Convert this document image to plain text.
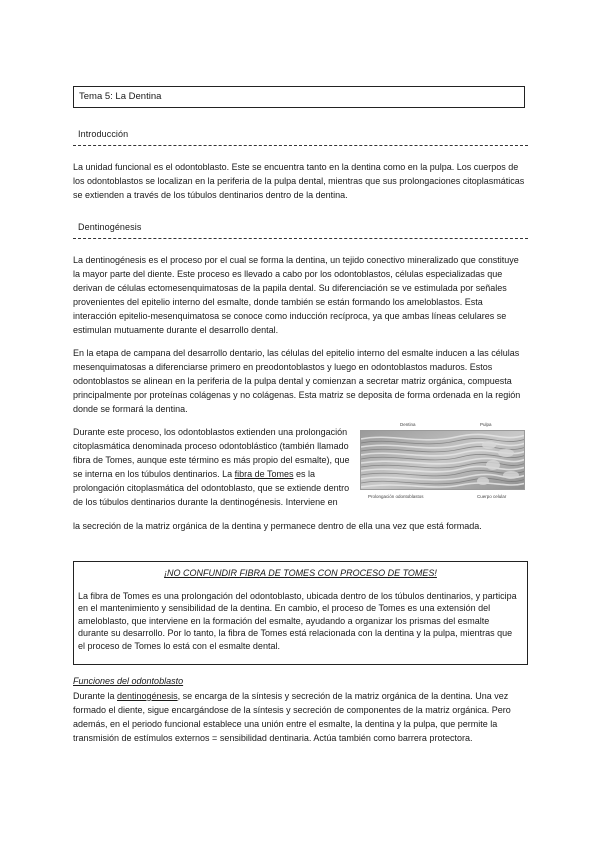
Tema 5: La Dentina
Introducción

La unidad funcional es el odontoblasto. Este se encuentra tanto en la dentina como en la pulpa. Los cuerpos de los odontoblastos se localizan en la periferia de la pulpa dental, mientras que sus prolongaciones citoplasmáticas se extienden a través de los túbulos dentinarios dentro de la dentina.

Dentinogénesis

La dentinogénesis es el proceso por el cual se forma la dentina, un tejido conectivo mineralizado que constituye la mayor parte del diente. Este proceso es llevado a cabo por los odontoblastos, células especializadas que derivan de células ectomesenquimatosas de la papila dental. Su diferenciación se ve estimulada por señales provenientes del epitelio interno del esmalte, donde también se están formando los ameloblastos. Esta interacción epitelio-mesenquimatosa se conoce como inducción recíproca, ya que ambas líneas celulares se estimulan mutuamente durante el desarrollo dental.

En la etapa de campana del desarrollo dentario, las células del epitelio interno del esmalte inducen a las células mesenquimatosas a diferenciarse primero en preodontoblastos y luego en odontoblastos maduros. Estos odontoblastos se alinean en la periferia de la pulpa dental y comienzan a secretar matriz orgánica, compuesta principalmente por proteínas colágenas y no colágenas. Esta matriz se deposita de forma ordenada en la región donde se formará la dentina.

Durante este proceso, los odontoblastos extienden una prolongación citoplasmática denominada proceso odontoblástico (también llamado fibra de Tomes, aunque este término es más propio del esmalte), que se interna en los túbulos dentinarios. La fibra de Tomes es la prolongación citoplasmática del odontoblasto, que se extiende dentro de los túbulos dentinarios durante la dentinogénesis. Interviene en

la secreción de la matriz orgánica de la dentina y permanece dentro de ella una vez que está formada.

Dentina	Pulpa
Prolongación odontoblastos	Cuerpo celular
¡NO CONFUNDIR FIBRA DE TOMES CON PROCESO DE TOMES!

La fibra de Tomes es una prolongación del odontoblasto, ubicada dentro de los túbulos dentinarios, y participa en el mantenimiento y sensibilidad de la dentina. En cambio, el proceso de Tomes es una extensión del ameloblasto, que interviene en la formación del esmalte, ayudando a organizar los prismas del esmalte durante su desarrollo. Por lo tanto, la fibra de Tomes está relacionada con la dentina y la pulpa, mientras que el proceso de Tomes lo está con el esmalte dental.

Funciones del odontoblasto

Durante la dentinogénesis, se encarga de la síntesis y secreción de la matriz orgánica de la dentina. Una vez formado el diente, sigue encargándose de la síntesis y secreción de componentes de la matriz orgánica. Pero además, en el periodo funcional establece una unión entre el esmalte, la dentina y la pulpa, que permite la transmisión de estímulos externos = sensibilidad dentinaria. Actúa también como barrera protectora.
